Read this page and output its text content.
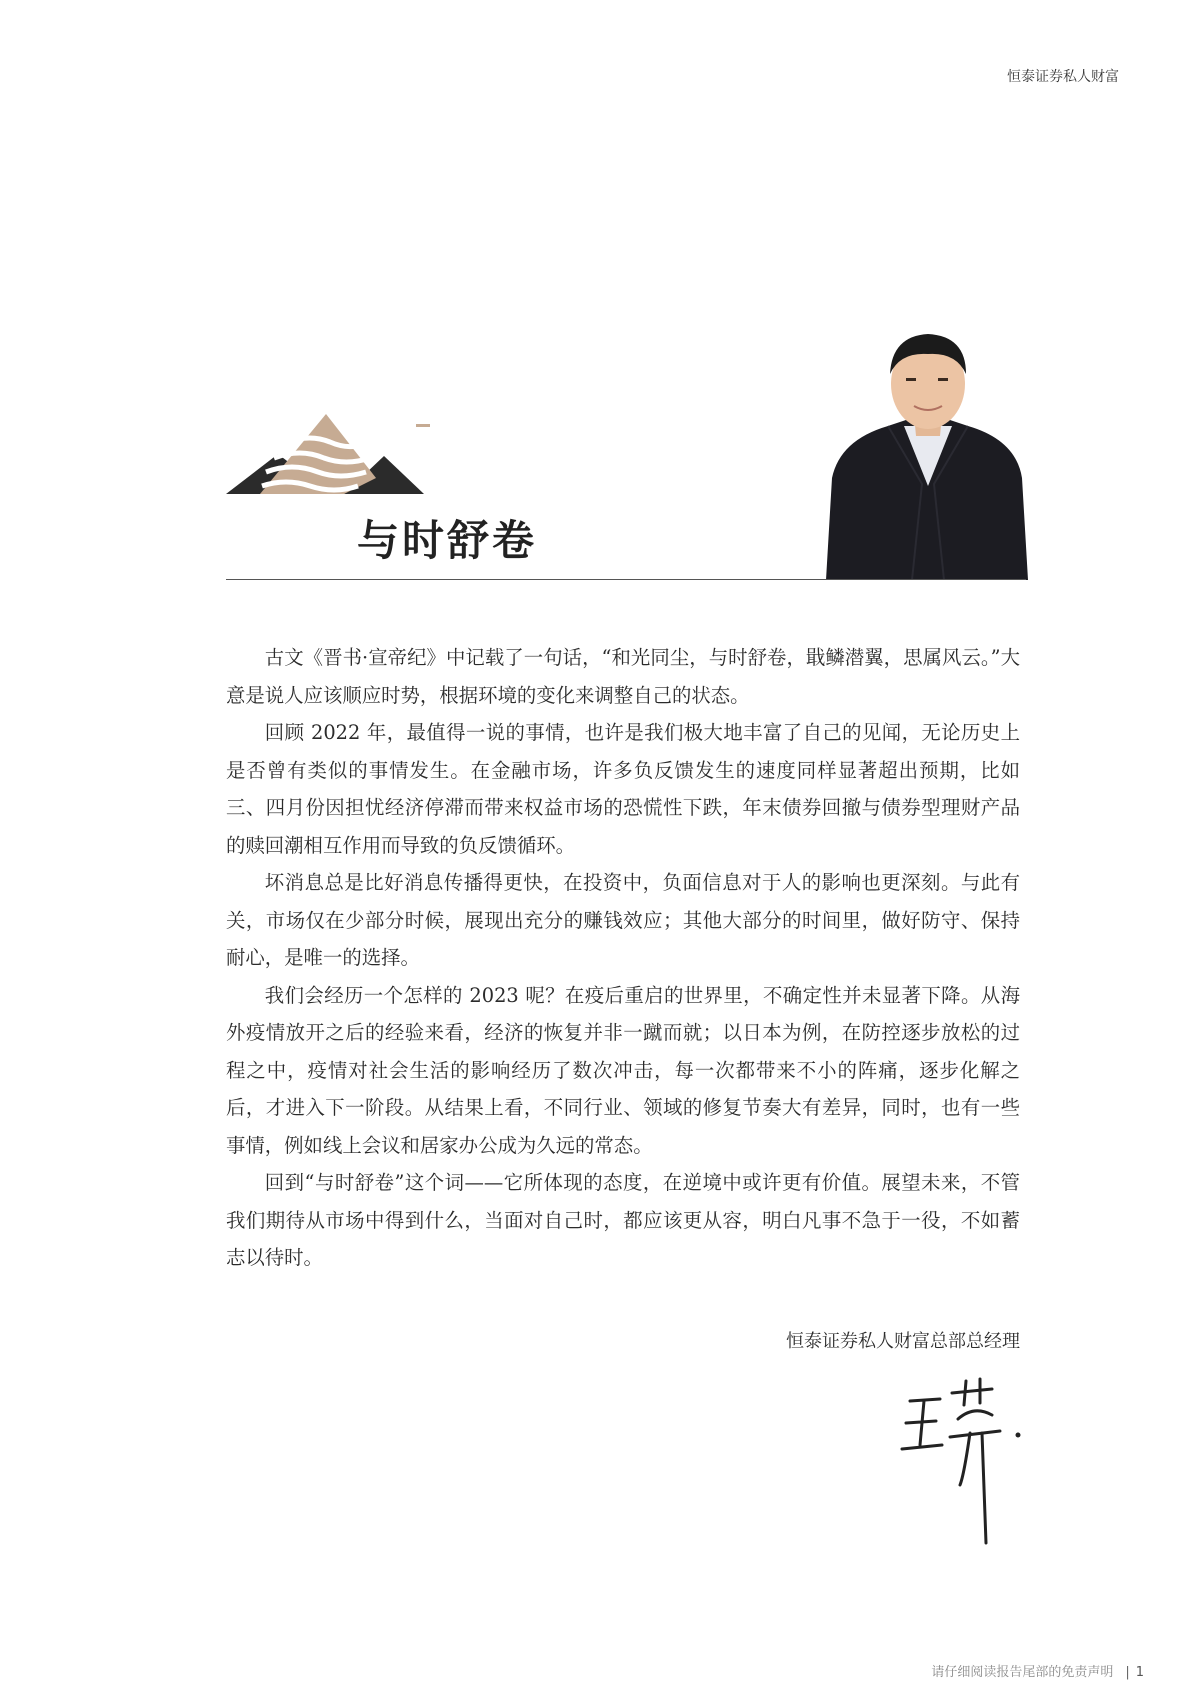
恒泰证券私人财富
与时舒卷

古文《晋书·宣帝纪》中记载了一句话，“和光同尘，与时舒卷，戢鳞潜翼，思属风云。”大意是说人应该顺应时势，根据环境的变化来调整自己的状态。

回顾 2022 年，最值得一说的事情，也许是我们极大地丰富了自己的见闻，无论历史上是否曾有类似的事情发生。在金融市场，许多负反馈发生的速度同样显著超出预期，比如三、四月份因担忧经济停滞而带来权益市场的恐慌性下跌，年末债券回撤与债券型理财产品的赎回潮相互作用而导致的负反馈循环。

坏消息总是比好消息传播得更快，在投资中，负面信息对于人的影响也更深刻。与此有关，市场仅在少部分时候，展现出充分的赚钱效应；其他大部分的时间里，做好防守、保持耐心，是唯一的选择。

我们会经历一个怎样的 2023 呢？在疫后重启的世界里，不确定性并未显著下降。从海外疫情放开之后的经验来看，经济的恢复并非一蹴而就；以日本为例，在防控逐步放松的过程之中，疫情对社会生活的影响经历了数次冲击，每一次都带来不小的阵痛，逐步化解之后，才进入下一阶段。从结果上看，不同行业、领域的修复节奏大有差异，同时，也有一些事情，例如线上会议和居家办公成为久远的常态。

回到“与时舒卷”这个词——它所体现的态度，在逆境中或许更有价值。展望未来，不管我们期待从市场中得到什么，当面对自己时，都应该更从容，明白凡事不急于一役，不如蓄志以待时。

恒泰证券私人财富总部总经理
请仔细阅读报告尾部的免责声明 | 1
